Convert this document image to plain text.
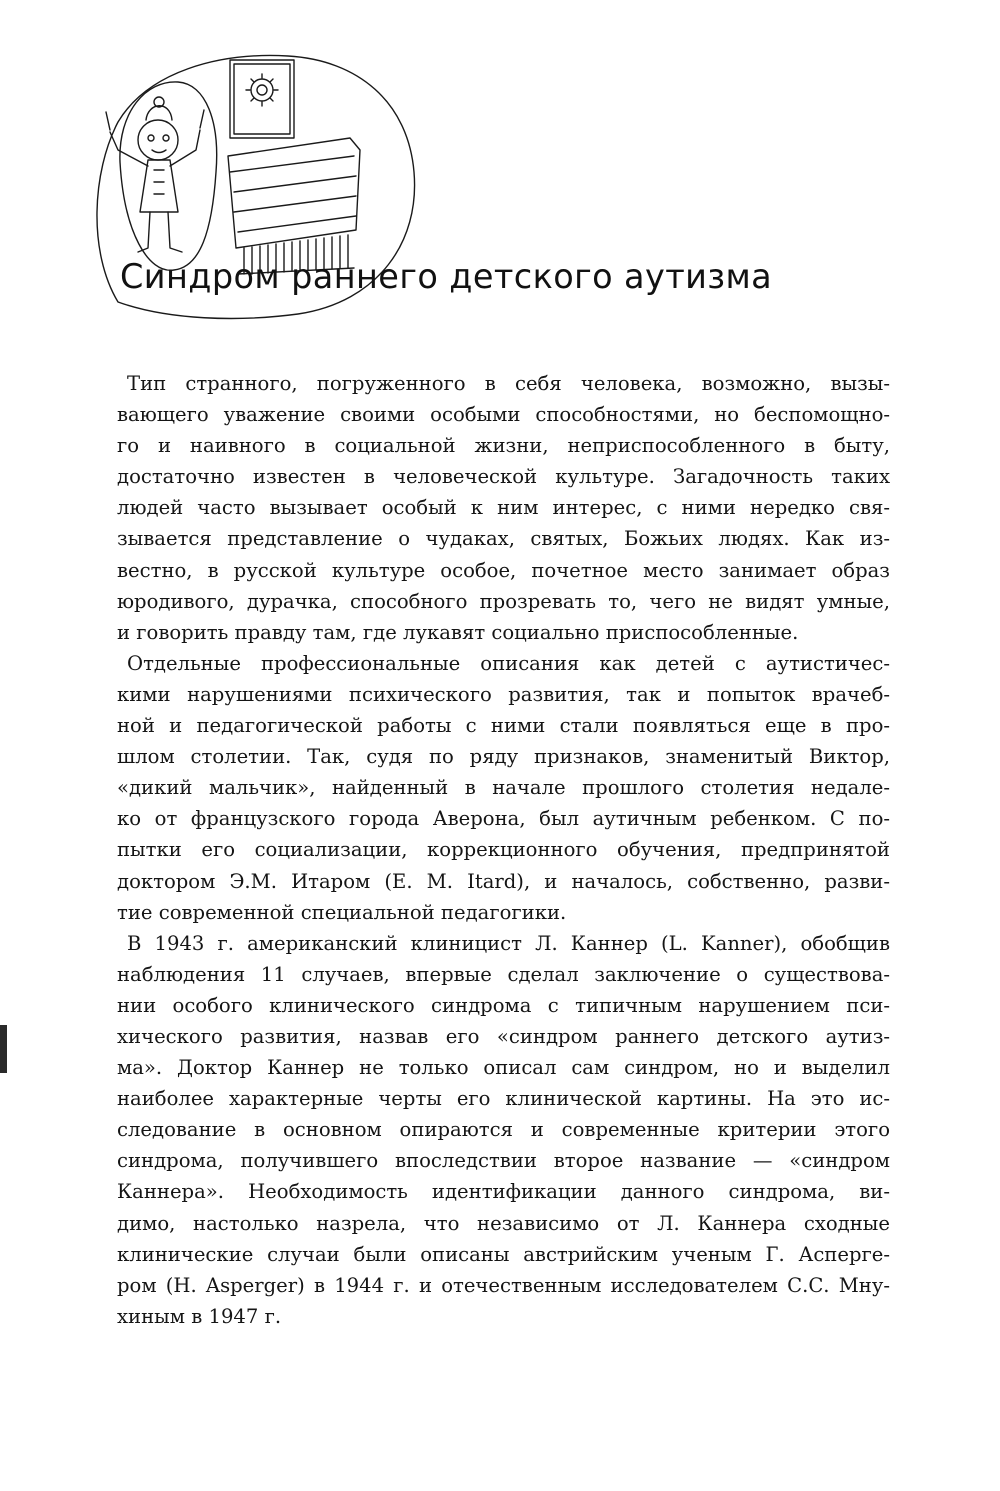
Синдром раннего детского аутизма
Тип странного, погруженного в себя человека, возможно, вызы-
вающего уважение своими особыми способностями, но беспомощно-
го и наивного в социальной жизни, неприспособленного в быту,
достаточно известен в человеческой культуре. Загадочность таких
людей часто вызывает особый к ним интерес, с ними нередко свя-
зывается представление о чудаках, святых, Божьих людях. Как из-
вестно, в русской культуре особое, почетное место занимает образ
юродивого, дурачка, способного прозревать то, чего не видят умные,
и говорить правду там, где лукавят социально приспособленные.
Отдельные профессиональные описания как детей с аутистичес-
кими нарушениями психического развития, так и попыток врачеб-
ной и педагогической работы с ними стали появляться еще в про-
шлом столетии. Так, судя по ряду признаков, знаменитый Виктор,
«дикий мальчик», найденный в начале прошлого столетия недале-
ко от французского города Аверона, был аутичным ребенком. С по-
пытки его социализации, коррекционного обучения, предпринятой
доктором Э.М. Итаром (E. M. Itard), и началось, собственно, разви-
тие современной специальной педагогики.
В 1943 г. американский клиницист Л. Каннер (L. Kanner), обобщив
наблюдения 11 случаев, впервые сделал заключение о существова-
нии особого клинического синдрома с типичным нарушением пси-
хического развития, назвав его «синдром раннего детского аутиз-
ма». Доктор Каннер не только описал сам синдром, но и выделил
наиболее характерные черты его клинической картины. На это ис-
следование в основном опираются и современные критерии этого
синдрома, получившего впоследствии второе название — «синдром
Каннера». Необходимость идентификации данного синдрома, ви-
димо, настолько назрела, что независимо от Л. Каннера сходные
клинические случаи были описаны австрийским ученым Г. Асперге-
ром (H. Asperger) в 1944 г. и отечественным исследователем С.С. Мну-
хиным в 1947 г.
